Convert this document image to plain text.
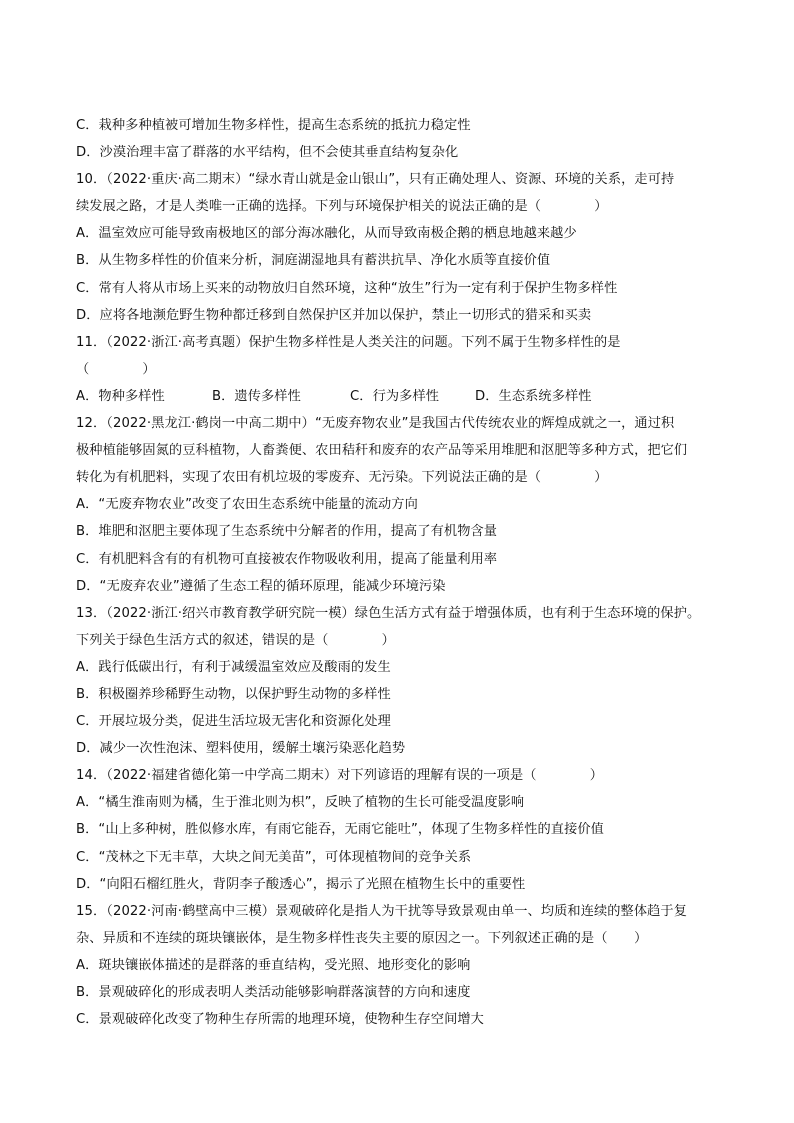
C．栽种多种植被可增加生物多样性，提高生态系统的抵抗力稳定性
D．沙漠治理丰富了群落的水平结构，但不会使其垂直结构复杂化
10．（2022·重庆·高二期末）“绿水青山就是金山银山”，只有正确处理人、资源、环境的关系，走可持
续发展之路，才是人类唯一正确的选择。下列与环境保护相关的说法正确的是（　　　　）
A．温室效应可能导致南极地区的部分海冰融化，从而导致南极企鹅的栖息地越来越少
B．从生物多样性的价值来分析，洞庭湖湿地具有蓄洪抗旱、净化水质等直接价值
C．常有人将从市场上买来的动物放归自然环境，这种“放生”行为一定有利于保护生物多样性
D．应将各地濒危野生物种都迁移到自然保护区并加以保护，禁止一切形式的猎采和买卖
11．（2022·浙江·高考真题）保护生物多样性是人类关注的问题。下列不属于生物多样性的是
（　　　　）
A．物种多样性	B．遗传多样性	C．行为多样性	D．生态系统多样性
12．（2022·黑龙江·鹤岗一中高二期中）“无废弃物农业”是我国古代传统农业的辉煌成就之一，通过积
极种植能够固氮的豆科植物，人畜粪便、农田秸秆和废弃的农产品等采用堆肥和沤肥等多种方式，把它们
转化为有机肥料，实现了农田有机垃圾的零废弃、无污染。下列说法正确的是（　　　　）
A．“无废弃物农业”改变了农田生态系统中能量的流动方向
B．堆肥和沤肥主要体现了生态系统中分解者的作用，提高了有机物含量
C．有机肥料含有的有机物可直接被农作物吸收利用，提高了能量利用率
D．“无废弃农业”遵循了生态工程的循环原理，能减少环境污染
13．（2022·浙江·绍兴市教育教学研究院一模）绿色生活方式有益于增强体质，也有利于生态环境的保护。
下列关于绿色生活方式的叙述，错误的是（　　　　）
A．践行低碳出行，有利于减缓温室效应及酸雨的发生
B．积极圈养珍稀野生动物，以保护野生动物的多样性
C．开展垃圾分类，促进生活垃圾无害化和资源化处理
D．减少一次性泡沫、塑料使用，缓解土壤污染恶化趋势
14．（2022·福建省德化第一中学高二期末）对下列谚语的理解有误的一项是（　　　　）
A．“橘生淮南则为橘，生于淮北则为枳”，反映了植物的生长可能受温度影响
B．“山上多种树，胜似修水库，有雨它能吞，无雨它能吐”，体现了生物多样性的直接价值
C．“茂林之下无丰草，大块之间无美苗”，可体现植物间的竞争关系
D．“向阳石榴红胜火，背阴李子酸透心”，揭示了光照在植物生长中的重要性
15．（2022·河南·鹤壁高中三模）景观破碎化是指人为干扰等导致景观由单一、均质和连续的整体趋于复
杂、异质和不连续的斑块镶嵌体，是生物多样性丧失主要的原因之一。下列叙述正确的是（　　）
A．斑块镶嵌体描述的是群落的垂直结构，受光照、地形变化的影响
B．景观破碎化的形成表明人类活动能够影响群落演替的方向和速度
C．景观破碎化改变了物种生存所需的地理环境，使物种生存空间增大
